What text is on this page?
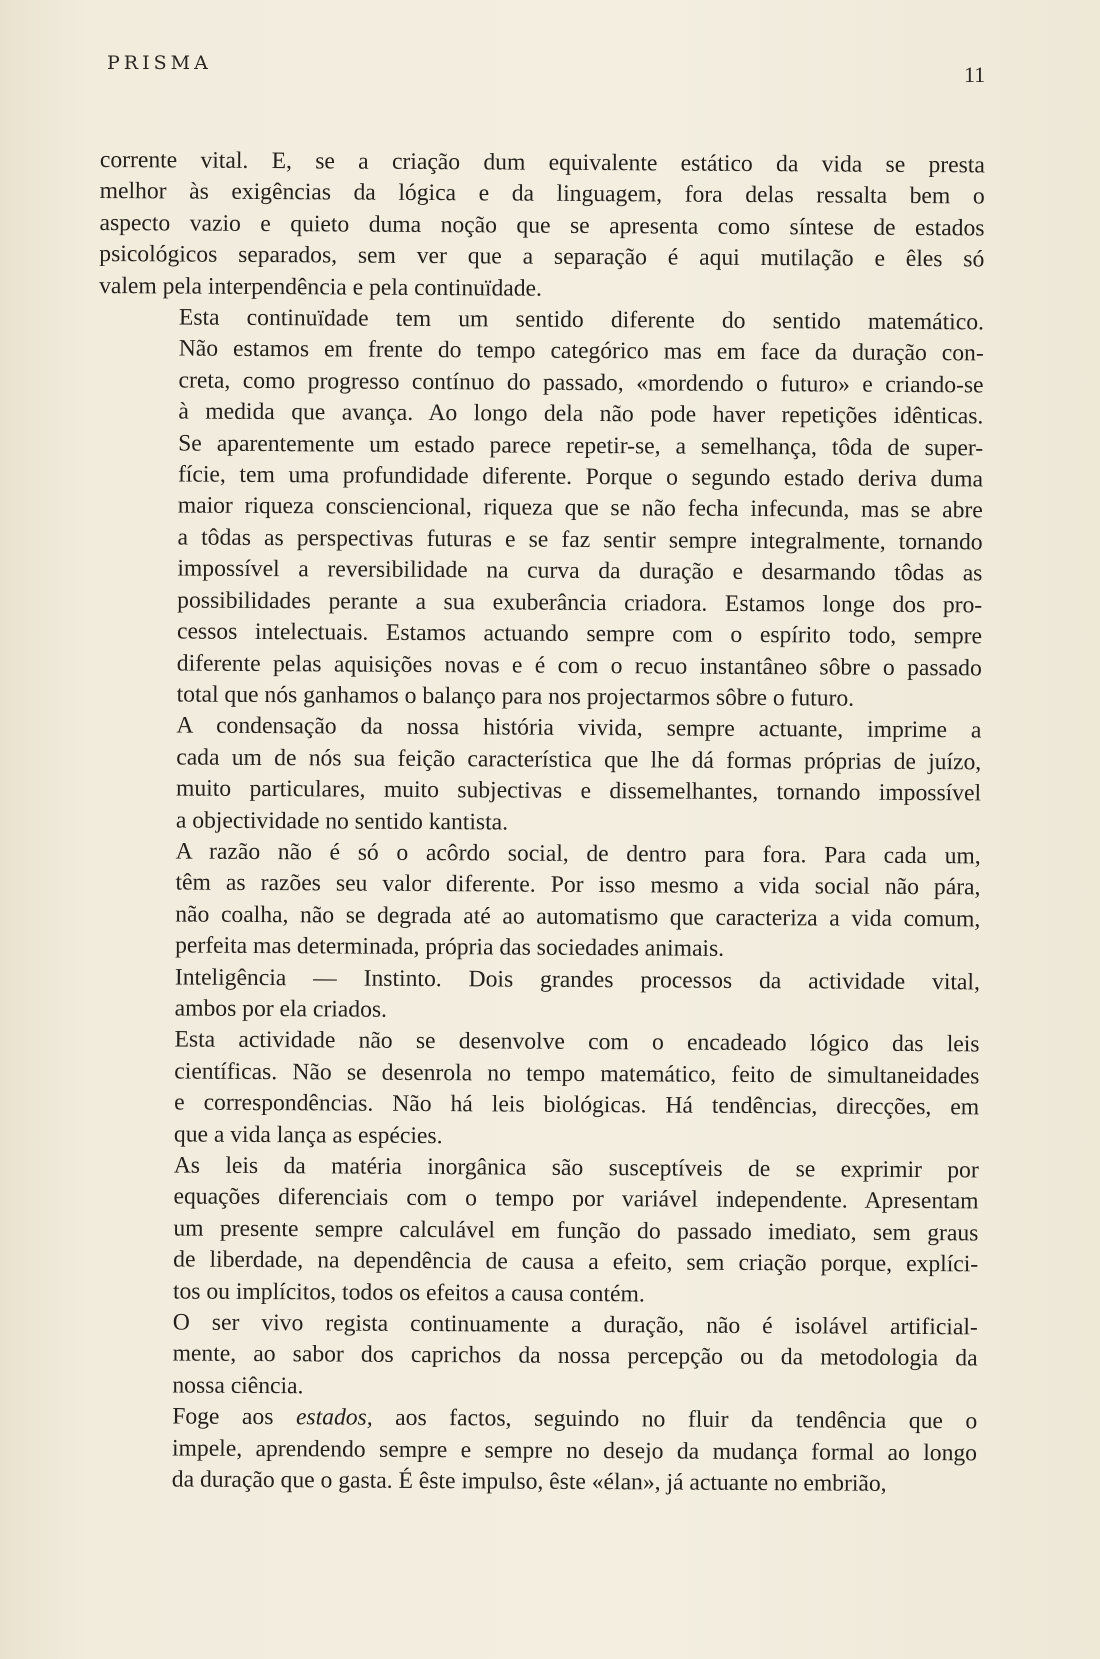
PRISMA	11

corrente vital. E, se a criação dum equivalente estático da vida se presta
melhor às exigências da lógica e da linguagem, fora delas ressalta bem o
aspecto vazio e quieto duma noção que se apresenta como síntese de estados
psicológicos separados, sem ver que a separação é aqui mutilação e êles só
valem pela interpendência e pela continuïdade.

Esta continuïdade tem um sentido diferente do sentido matemático.
Não estamos em frente do tempo categórico mas em face da duração con-
creta, como progresso contínuo do passado, «mordendo o futuro» e criando-se
à medida que avança. Ao longo dela não pode haver repetições idênticas.
Se aparentemente um estado parece repetir-se, a semelhança, tôda de super-
fície, tem uma profundidade diferente. Porque o segundo estado deriva duma
maior riqueza consciencional, riqueza que se não fecha infecunda, mas se abre
a tôdas as perspectivas futuras e se faz sentir sempre integralmente, tornando
impossível a reversibilidade na curva da duração e desarmando tôdas as
possibilidades perante a sua exuberância criadora. Estamos longe dos pro-
cessos intelectuais. Estamos actuando sempre com o espírito todo, sempre
diferente pelas aquisições novas e é com o recuo instantâneo sôbre o passado
total que nós ganhamos o balanço para nos projectarmos sôbre o futuro.

A condensação da nossa história vivida, sempre actuante, imprime a
cada um de nós sua feição característica que lhe dá formas próprias de juízo,
muito particulares, muito subjectivas e dissemelhantes, tornando impossível
a objectividade no sentido kantista.

A razão não é só o acôrdo social, de dentro para fora. Para cada um,
têm as razões seu valor diferente. Por isso mesmo a vida social não pára,
não coalha, não se degrada até ao automatismo que caracteriza a vida comum,
perfeita mas determinada, própria das sociedades animais.

Inteligência — Instinto. Dois grandes processos da actividade vital,
ambos por ela criados.

Esta actividade não se desenvolve com o encadeado lógico das leis
científicas. Não se desenrola no tempo matemático, feito de simultaneidades
e correspondências. Não há leis biológicas. Há tendências, direcções, em
que a vida lança as espécies.

As leis da matéria inorgânica são susceptíveis de se exprimir por
equações diferenciais com o tempo por variável independente. Apresentam
um presente sempre calculável em função do passado imediato, sem graus
de liberdade, na dependência de causa a efeito, sem criação porque, explíci-
tos ou implícitos, todos os efeitos a causa contém.

O ser vivo regista continuamente a duração, não é isolável artificial-
mente, ao sabor dos caprichos da nossa percepção ou da metodologia da
nossa ciência.

Foge aos estados, aos factos, seguindo no fluir da tendência que o
impele, aprendendo sempre e sempre no desejo da mudança formal ao longo
da duração que o gasta. É êste impulso, êste «élan», já actuante no embrião,
